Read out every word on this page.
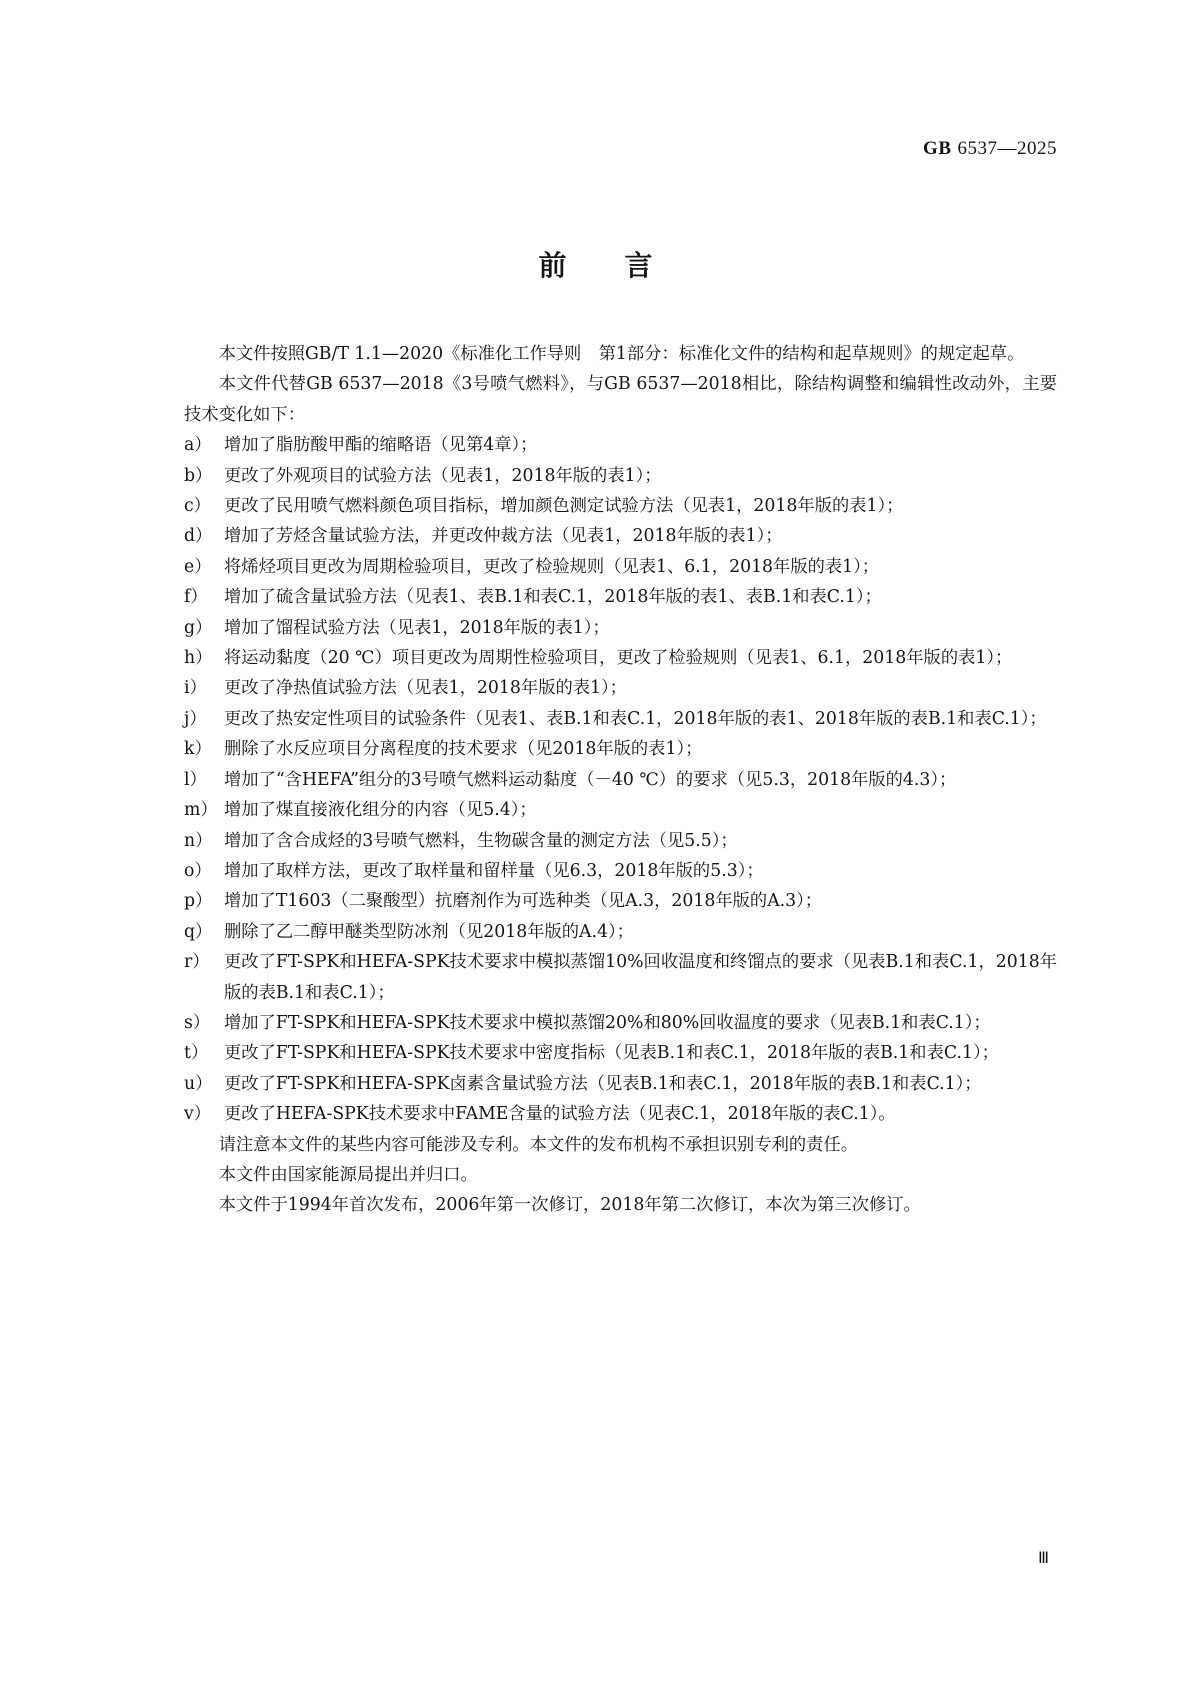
GB 6537—2025
前 言
本文件按照GB/T 1.1—2020《标准化工作导则　第1部分：标准化文件的结构和起草规则》的规定起草。
本文件代替GB 6537—2018《3号喷气燃料》，与GB 6537—2018相比，除结构调整和编辑性改动外，主要技术变化如下：
a） 增加了脂肪酸甲酯的缩略语（见第4章）；
b） 更改了外观项目的试验方法（见表1，2018年版的表1）；
c） 更改了民用喷气燃料颜色项目指标，增加颜色测定试验方法（见表1，2018年版的表1）；
d） 增加了芳烃含量试验方法，并更改仲裁方法（见表1，2018年版的表1）；
e） 将烯烃项目更改为周期检验项目，更改了检验规则（见表1、6.1，2018年版的表1）；
f） 增加了硫含量试验方法（见表1、表B.1和表C.1，2018年版的表1、表B.1和表C.1）；
g） 增加了馏程试验方法（见表1，2018年版的表1）；
h） 将运动黏度（20 ℃）项目更改为周期性检验项目，更改了检验规则（见表1、6.1，2018年版的表1）；
i） 更改了净热值试验方法（见表1，2018年版的表1）；
j）	更改了热安定性项目的试验条件（见表1、表B.1和表C.1，2018年版的表1、2018年版的表B.1和表C.1）；
k） 删除了水反应项目分离程度的技术要求（见2018年版的表1）；
l） 增加了“含HEFA”组分的3号喷气燃料运动黏度（－40 ℃）的要求（见5.3，2018年版的4.3）；
m） 增加了煤直接液化组分的内容（见5.4）；
n） 增加了含合成烃的3号喷气燃料，生物碳含量的测定方法（见5.5）；
o） 增加了取样方法，更改了取样量和留样量（见6.3，2018年版的5.3）；
p） 增加了T1603（二聚酸型）抗磨剂作为可选种类（见A.3，2018年版的A.3）；
q） 删除了乙二醇甲醚类型防冰剂（见2018年版的A.4）；
r） 更改了FT-SPK和HEFA-SPK技术要求中模拟蒸馏10%回收温度和终馏点的要求（见表B.1和表C.1，2018年版的表B.1和表C.1）；
s） 增加了FT-SPK和HEFA-SPK技术要求中模拟蒸馏20%和80%回收温度的要求（见表B.1和表C.1）；
t） 更改了FT-SPK和HEFA-SPK技术要求中密度指标（见表B.1和表C.1，2018年版的表B.1和表C.1）；
u） 更改了FT-SPK和HEFA-SPK卤素含量试验方法（见表B.1和表C.1，2018年版的表B.1和表C.1）；
v） 更改了HEFA-SPK技术要求中FAME含量的试验方法（见表C.1，2018年版的表C.1）。
请注意本文件的某些内容可能涉及专利。本文件的发布机构不承担识别专利的责任。
本文件由国家能源局提出并归口。
本文件于1994年首次发布，2006年第一次修订，2018年第二次修订，本次为第三次修订。
Ⅲ
